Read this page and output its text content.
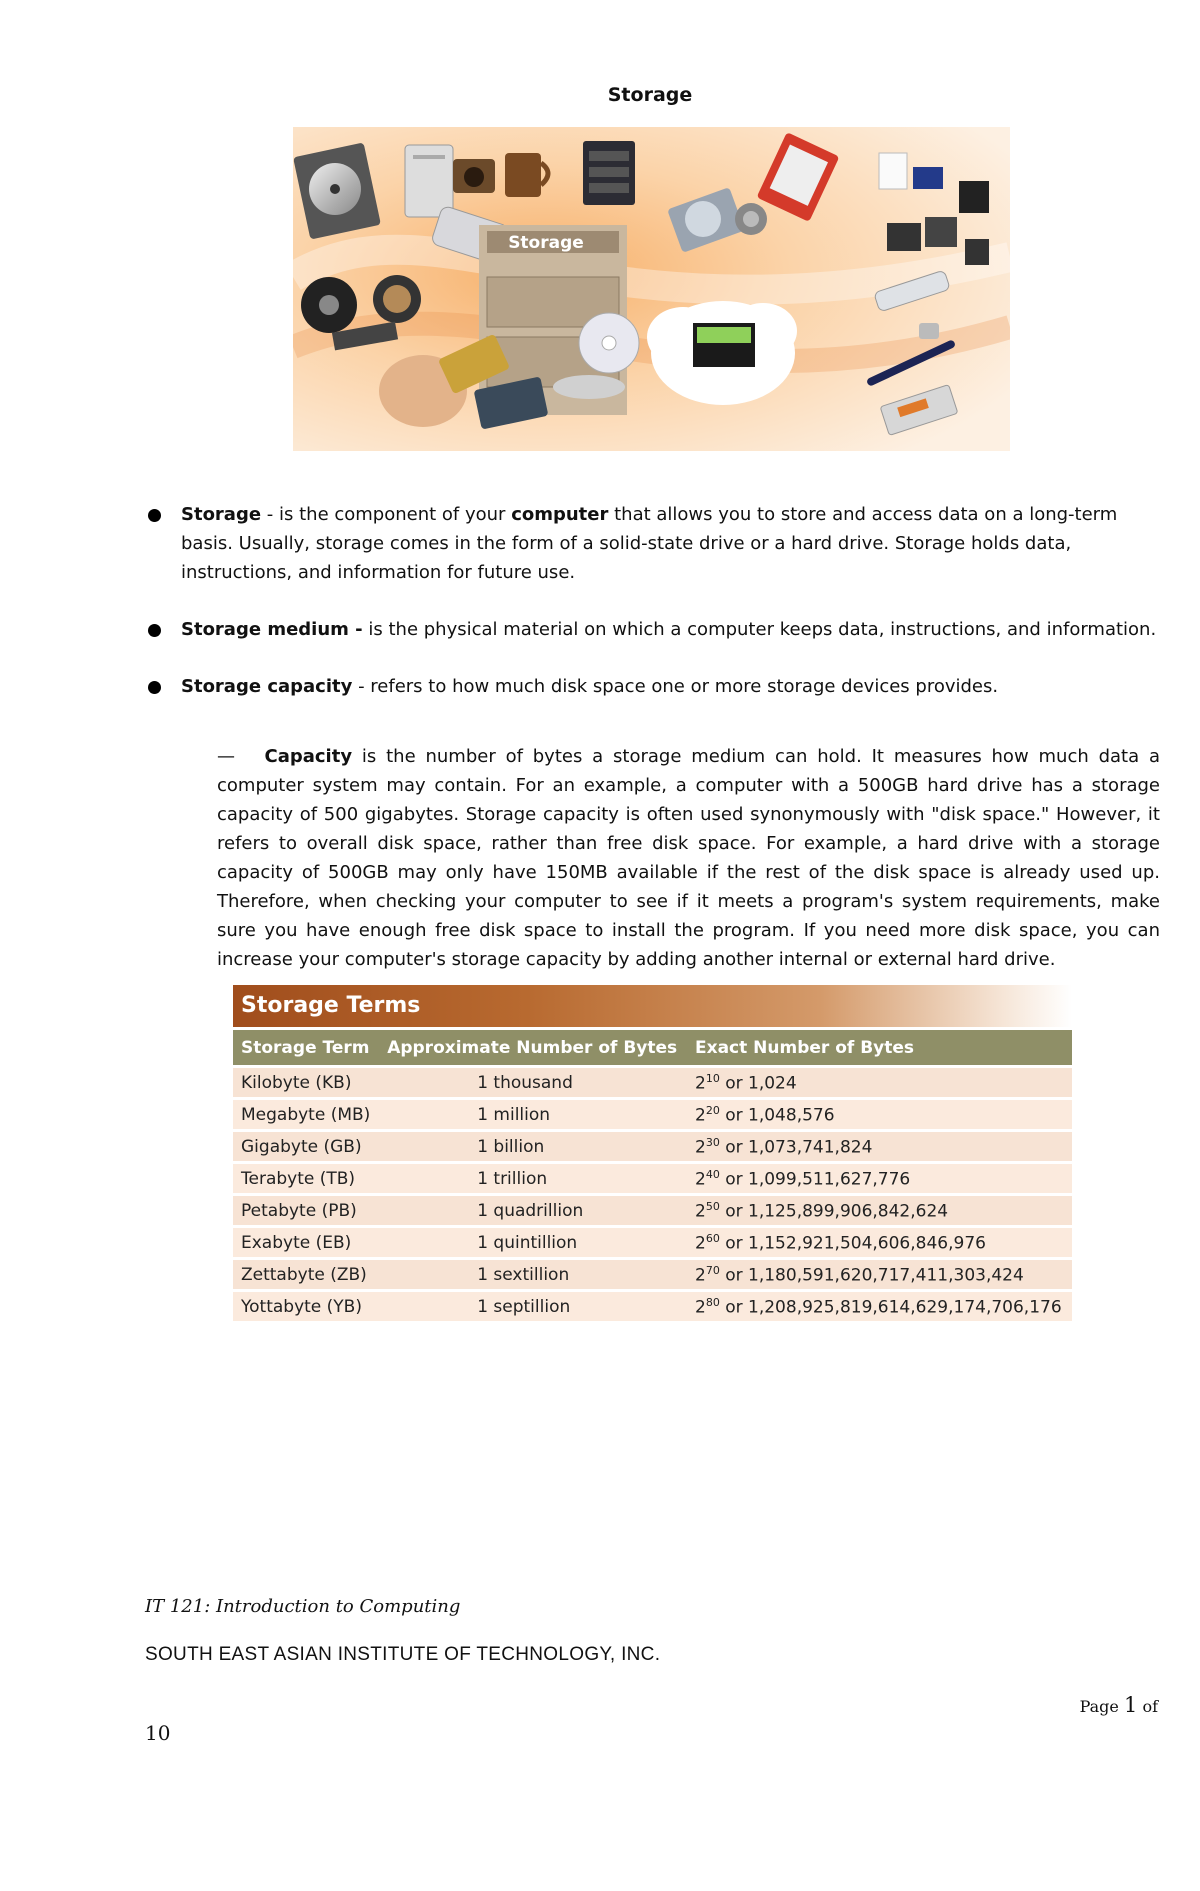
Storage
Storage
Storage - is the component of your computer that allows you to store and access data on a long-term basis. Usually, storage comes in the form of a solid-state drive or a hard drive. Storage holds data, instructions, and information for future use.
Storage medium - is the physical material on which a computer keeps data, instructions, and information.
Storage capacity - refers to how much disk space one or more storage devices provides.
— Capacity is the number of bytes a storage medium can hold. It measures how much data a computer system may contain. For an example, a computer with a 500GB hard drive has a storage capacity of 500 gigabytes. Storage capacity is often used synonymously with "disk space." However, it refers to overall disk space, rather than free disk space. For example, a hard drive with a storage capacity of 500GB may only have 150MB available if the rest of the disk space is already used up. Therefore, when checking your computer to see if it meets a program's system requirements, make sure you have enough free disk space to install the program. If you need more disk space, you can increase your computer's storage capacity by adding another internal or external hard drive.
Storage Terms
Storage Term	Approximate Number of Bytes	Exact Number of Bytes
Kilobyte (KB)	1 thousand	$2^{10}$ or 1,024
Megabyte (MB)	1 million	$2^{20}$ or 1,048,576
Gigabyte (GB)	1 billion	$2^{30}$ or 1,073,741,824
Terabyte (TB)	1 trillion	$2^{40}$ or 1,099,511,627,776
Petabyte (PB)	1 quadrillion	$2^{50}$ or 1,125,899,906,842,624
Exabyte (EB)	1 quintillion	$2^{60}$ or 1,152,921,504,606,846,976
Zettabyte (ZB)	1 sextillion	$2^{70}$ or 1,180,591,620,717,411,303,424
Yottabyte (YB)	1 septillion	$2^{80}$ or 1,208,925,819,614,629,174,706,176
IT 121: Introduction to Computing
SOUTH EAST ASIAN INSTITUTE OF TECHNOLOGY, INC.
Page 1 of
10
